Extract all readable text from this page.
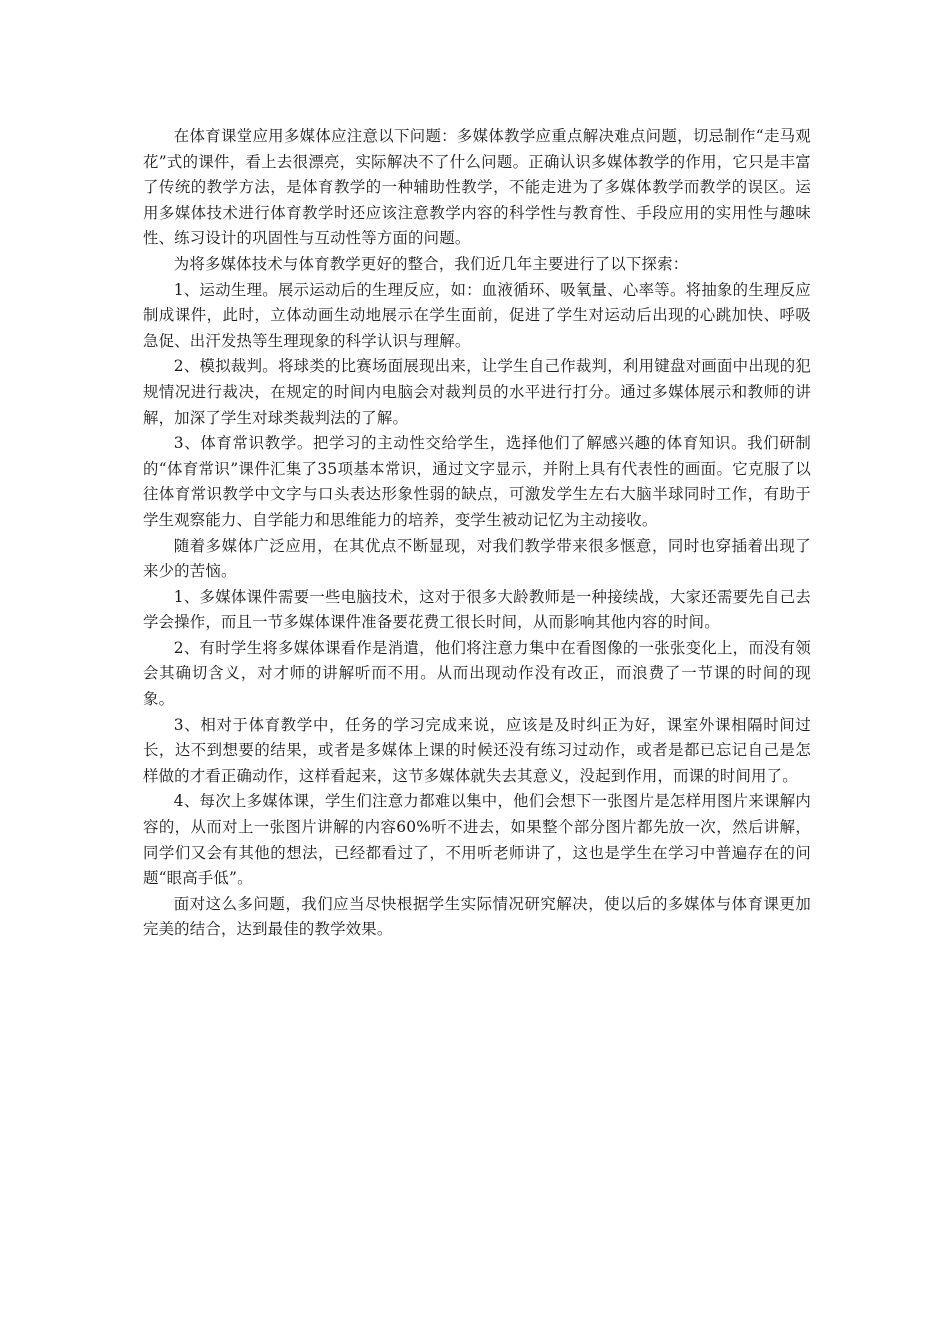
在体育课堂应用多媒体应注意以下问题：多媒体教学应重点解决难点问题，切忌制作“走马观花”式的课件，看上去很漂亮，实际解决不了什么问题。正确认识多媒体教学的作用，它只是丰富了传统的教学方法，是体育教学的一种辅助性教学，不能走进为了多媒体教学而教学的误区。运用多媒体技术进行体育教学时还应该注意教学内容的科学性与教育性、手段应用的实用性与趣味性、练习设计的巩固性与互动性等方面的问题。

为将多媒体技术与体育教学更好的整合，我们近几年主要进行了以下探索：

1、运动生理。展示运动后的生理反应，如：血液循环、吸氧量、心率等。将抽象的生理反应制成课件，此时，立体动画生动地展示在学生面前，促进了学生对运动后出现的心跳加快、呼吸急促、出汗发热等生理现象的科学认识与理解。

2、模拟裁判。将球类的比赛场面展现出来，让学生自己作裁判，利用键盘对画面中出现的犯规情况进行裁决，在规定的时间内电脑会对裁判员的水平进行打分。通过多媒体展示和教师的讲解，加深了学生对球类裁判法的了解。

3、体育常识教学。把学习的主动性交给学生，选择他们了解感兴趣的体育知识。我们研制的“体育常识”课件汇集了35项基本常识，通过文字显示，并附上具有代表性的画面。它克服了以往体育常识教学中文字与口头表达形象性弱的缺点，可激发学生左右大脑半球同时工作，有助于学生观察能力、自学能力和思维能力的培养，变学生被动记忆为主动接收。

随着多媒体广泛应用，在其优点不断显现，对我们教学带来很多惬意，同时也穿插着出现了来少的苦恼。

1、多媒体课件需要一些电脑技术，这对于很多大龄教师是一种接续战，大家还需要先自己去学会操作，而且一节多媒体课件准备要花费工很长时间，从而影响其他内容的时间。

2、有时学生将多媒体课看作是消遣，他们将注意力集中在看图像的一张张变化上，而没有领会其确切含义，对才师的讲解听而不用。从而出现动作没有改正，而浪费了一节课的时间的现象。

3、相对于体育教学中，任务的学习完成来说，应该是及时纠正为好，课室外课相隔时间过长，达不到想要的结果，或者是多媒体上课的时候还没有练习过动作，或者是都已忘记自己是怎样做的才看正确动作，这样看起来，这节多媒体就失去其意义，没起到作用，而课的时间用了。

4、每次上多媒体课，学生们注意力都难以集中，他们会想下一张图片是怎样用图片来课解内容的，从而对上一张图片讲解的内容60%听不进去，如果整个部分图片都先放一次，然后讲解，同学们又会有其他的想法，已经都看过了，不用听老师讲了，这也是学生在学习中普遍存在的问题“眼高手低”。

面对这么多问题，我们应当尽快根据学生实际情况研究解决，使以后的多媒体与体育课更加完美的结合，达到最佳的教学效果。
